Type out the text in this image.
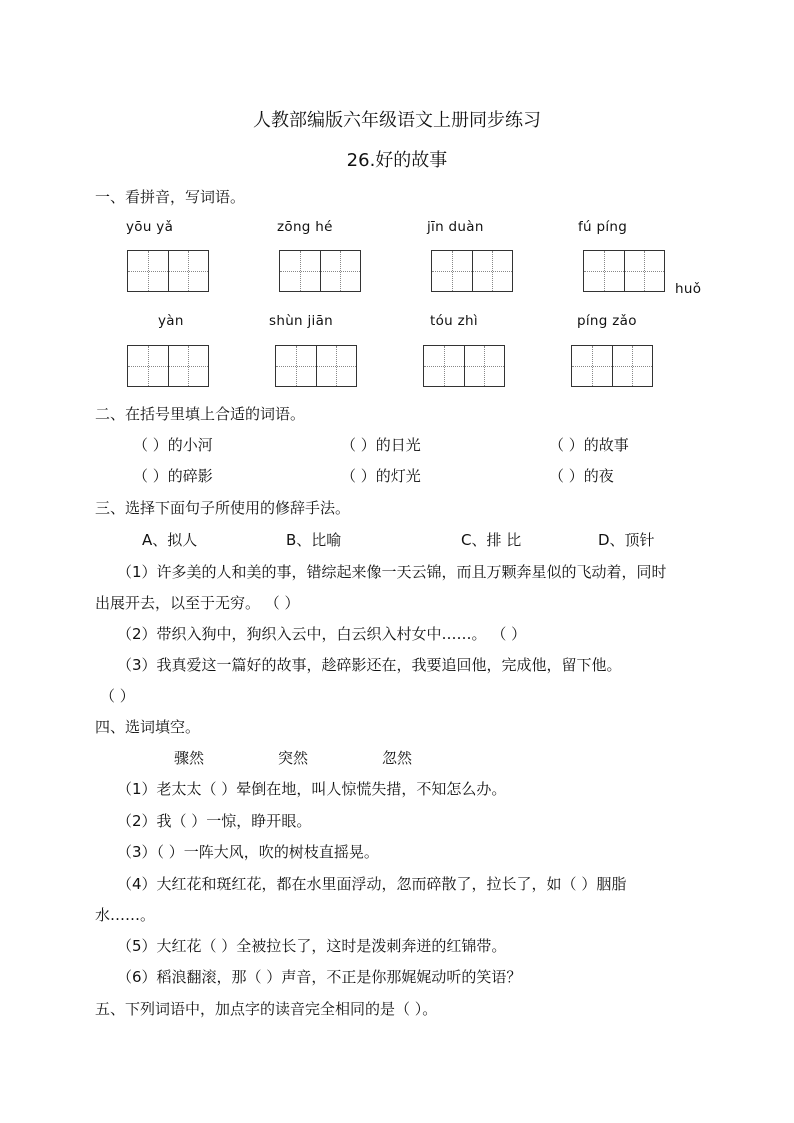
人教部编版六年级语文上册同步练习
26.好的故事
一、看拼音，写词语。
yōu yǎ	zōng hé	jīn duàn	fú píng
huǒ
yàn	shùn jiān	tóu zhì	píng zǎo
二、在括号里填上合适的词语。
（ ）的小河	（ ）的日光	（ ）的故事
（ ）的碎影	（ ）的灯光	（ ）的夜
三、选择下面句子所使用的修辞手法。
A、拟人	B、比喻	C、排 比	D、顶针
（1）许多美的人和美的事，错综起来像一天云锦，而且万颗奔星似的飞动着，同时
出展开去，以至于无穷。 （ ）
（2）带织入狗中，狗织入云中，白云织入村女中……。 （ ）
（3）我真爱这一篇好的故事，趁碎影还在，我要追回他，完成他，留下他。
（ ）
四、选词填空。
骤然	突然	忽然
（1）老太太（ ）晕倒在地，叫人惊慌失措，不知怎么办。
（2）我（ ）一惊，睁开眼。
（3）（ ）一阵大风，吹的树枝直摇晃。
（4）大红花和斑红花，都在水里面浮动，忽而碎散了，拉长了，如（ ）胭脂
水……。
（5）大红花（ ）全被拉长了，这时是泼刺奔迸的红锦带。
（6）稻浪翻滚，那（ ）声音，不正是你那娓娓动听的笑语？
五、下列词语中，加点字的读音完全相同的是（ ）。
